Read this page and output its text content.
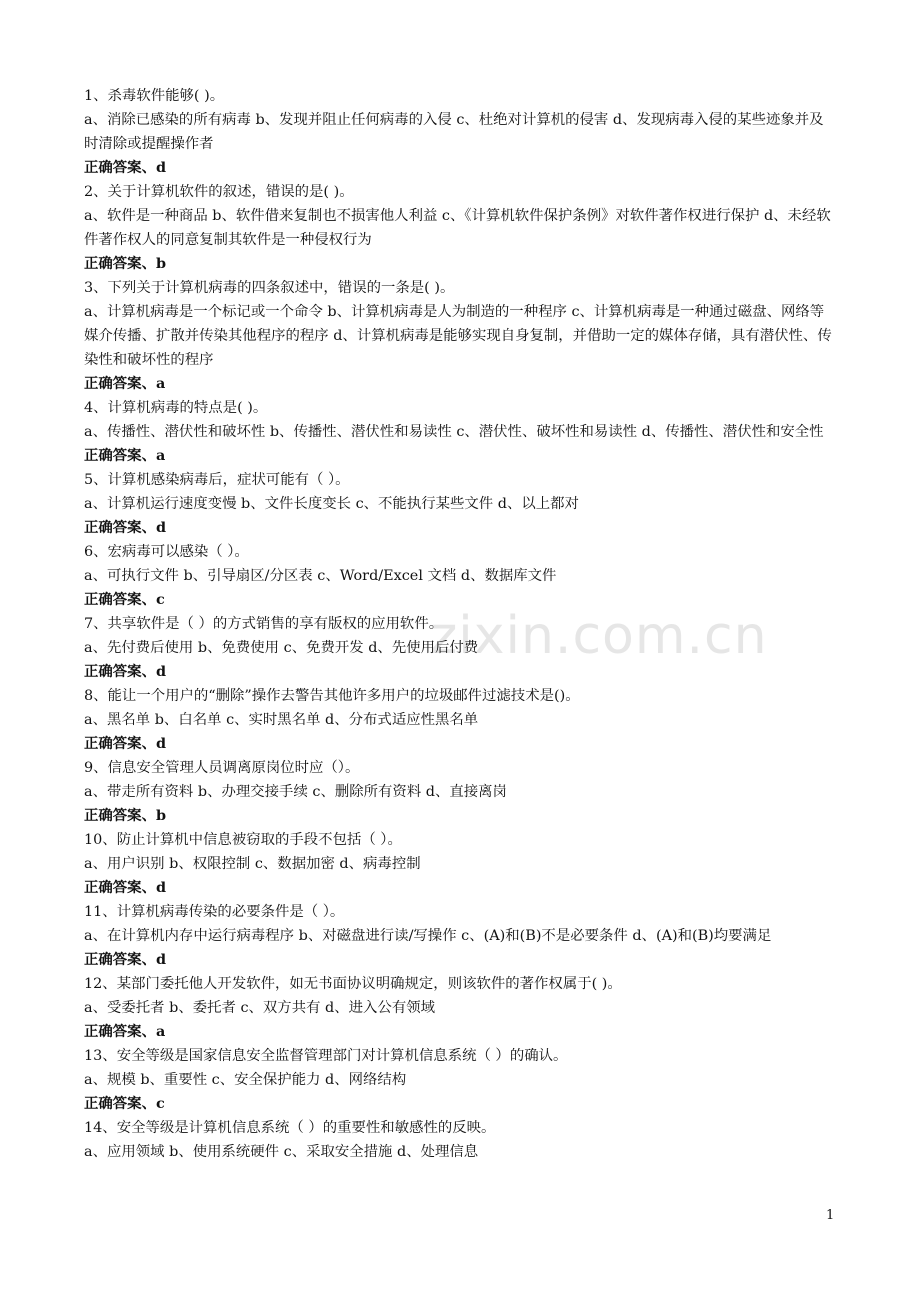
zixin.com.cn

1、杀毒软件能够( )。

a、消除已感染的所有病毒 b、发现并阻止任何病毒的入侵 c、杜绝对计算机的侵害 d、发现病毒入侵的某些迹象并及时清除或提醒操作者

正确答案、d

2、关于计算机软件的叙述，错误的是( )。

a、软件是一种商品 b、软件借来复制也不损害他人利益 c、《计算机软件保护条例》对软件著作权进行保护 d、未经软件著作权人的同意复制其软件是一种侵权行为

正确答案、b

3、下列关于计算机病毒的四条叙述中，错误的一条是( )。

a、计算机病毒是一个标记或一个命令 b、计算机病毒是人为制造的一种程序 c、计算机病毒是一种通过磁盘、网络等媒介传播、扩散并传染其他程序的程序 d、计算机病毒是能够实现自身复制，并借助一定的媒体存储，具有潜伏性、传染性和破坏性的程序

正确答案、a

4、计算机病毒的特点是( )。

a、传播性、潜伏性和破坏性 b、传播性、潜伏性和易读性 c、潜伏性、破坏性和易读性 d、传播性、潜伏性和安全性

正确答案、a

5、计算机感染病毒后，症状可能有（ ）。

a、计算机运行速度变慢 b、文件长度变长 c、不能执行某些文件 d、以上都对

正确答案、d

6、宏病毒可以感染（ ）。

a、可执行文件 b、引导扇区/分区表 c、Word/Excel 文档 d、数据库文件

正确答案、c

7、共享软件是（ ）的方式销售的享有版权的应用软件。

a、先付费后使用 b、免费使用 c、免费开发 d、先使用后付费

正确答案、d

8、能让一个用户的“删除”操作去警告其他许多用户的垃圾邮件过滤技术是()。

a、黑名单 b、白名单 c、实时黑名单 d、分布式适应性黑名单

正确答案、d

9、信息安全管理人员调离原岗位时应（）。

a、带走所有资料 b、办理交接手续 c、删除所有资料 d、直接离岗

正确答案、b

10、防止计算机中信息被窃取的手段不包括（ ）。

a、用户识别 b、权限控制 c、数据加密 d、病毒控制

正确答案、d

11、计算机病毒传染的必要条件是（ ）。

a、在计算机内存中运行病毒程序 b、对磁盘进行读/写操作 c、(A)和(B)不是必要条件 d、(A)和(B)均要满足

正确答案、d

12、某部门委托他人开发软件，如无书面协议明确规定，则该软件的著作权属于( )。

a、受委托者 b、委托者 c、双方共有 d、进入公有领域

正确答案、a

13、安全等级是国家信息安全监督管理部门对计算机信息系统（ ）的确认。

a、规模 b、重要性 c、安全保护能力 d、网络结构

正确答案、c

14、安全等级是计算机信息系统（ ）的重要性和敏感性的反映。

a、应用领域 b、使用系统硬件 c、采取安全措施 d、处理信息

1
